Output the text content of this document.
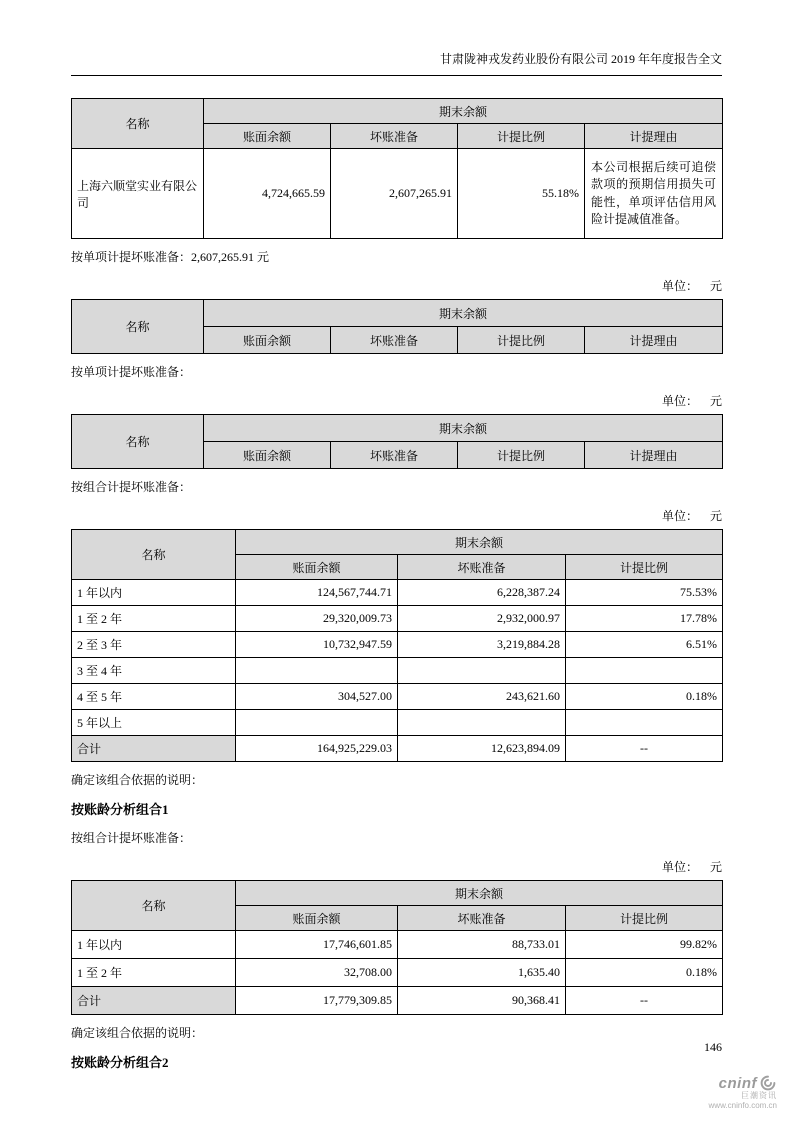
甘肃陇神戎发药业股份有限公司 2019 年年度报告全文
名称	期末余额			
	账面余额	坏账准备	计提比例	计提理由
上海六顺堂实业有限公司	4,724,665.59	2,607,265.91	55.18%	本公司根据后续可追偿款项的预期信用损失可能性，单项评估信用风险计提减值准备。

按单项计提坏账准备：2,607,265.91 元

单位：    元

名称	期末余额			
	账面余额	坏账准备	计提比例	计提理由

按单项计提坏账准备：

单位：    元

名称	期末余额			
	账面余额	坏账准备	计提比例	计提理由

按组合计提坏账准备：

单位：    元

名称	期末余额		
	账面余额	坏账准备	计提比例
1 年以内	124,567,744.71	6,228,387.24	75.53%
1 至 2 年	29,320,009.73	2,932,000.97	17.78%
2 至 3 年	10,732,947.59	3,219,884.28	6.51%
3 至 4 年			
4 至 5 年	304,527.00	243,621.60	0.18%
5 年以上			
合计	164,925,229.03	12,623,894.09	--

确定该组合依据的说明：

按账龄分析组合1

按组合计提坏账准备：

单位：    元

名称	期末余额		
	账面余额	坏账准备	计提比例
1 年以内	17,746,601.85	88,733.01	99.82%
1 至 2 年	32,708.00	1,635.40	0.18%
合计	17,779,309.85	90,368.41	--

确定该组合依据的说明：

按账龄分析组合2

146
cninf
巨潮资讯
www.cninfo.com.cn
